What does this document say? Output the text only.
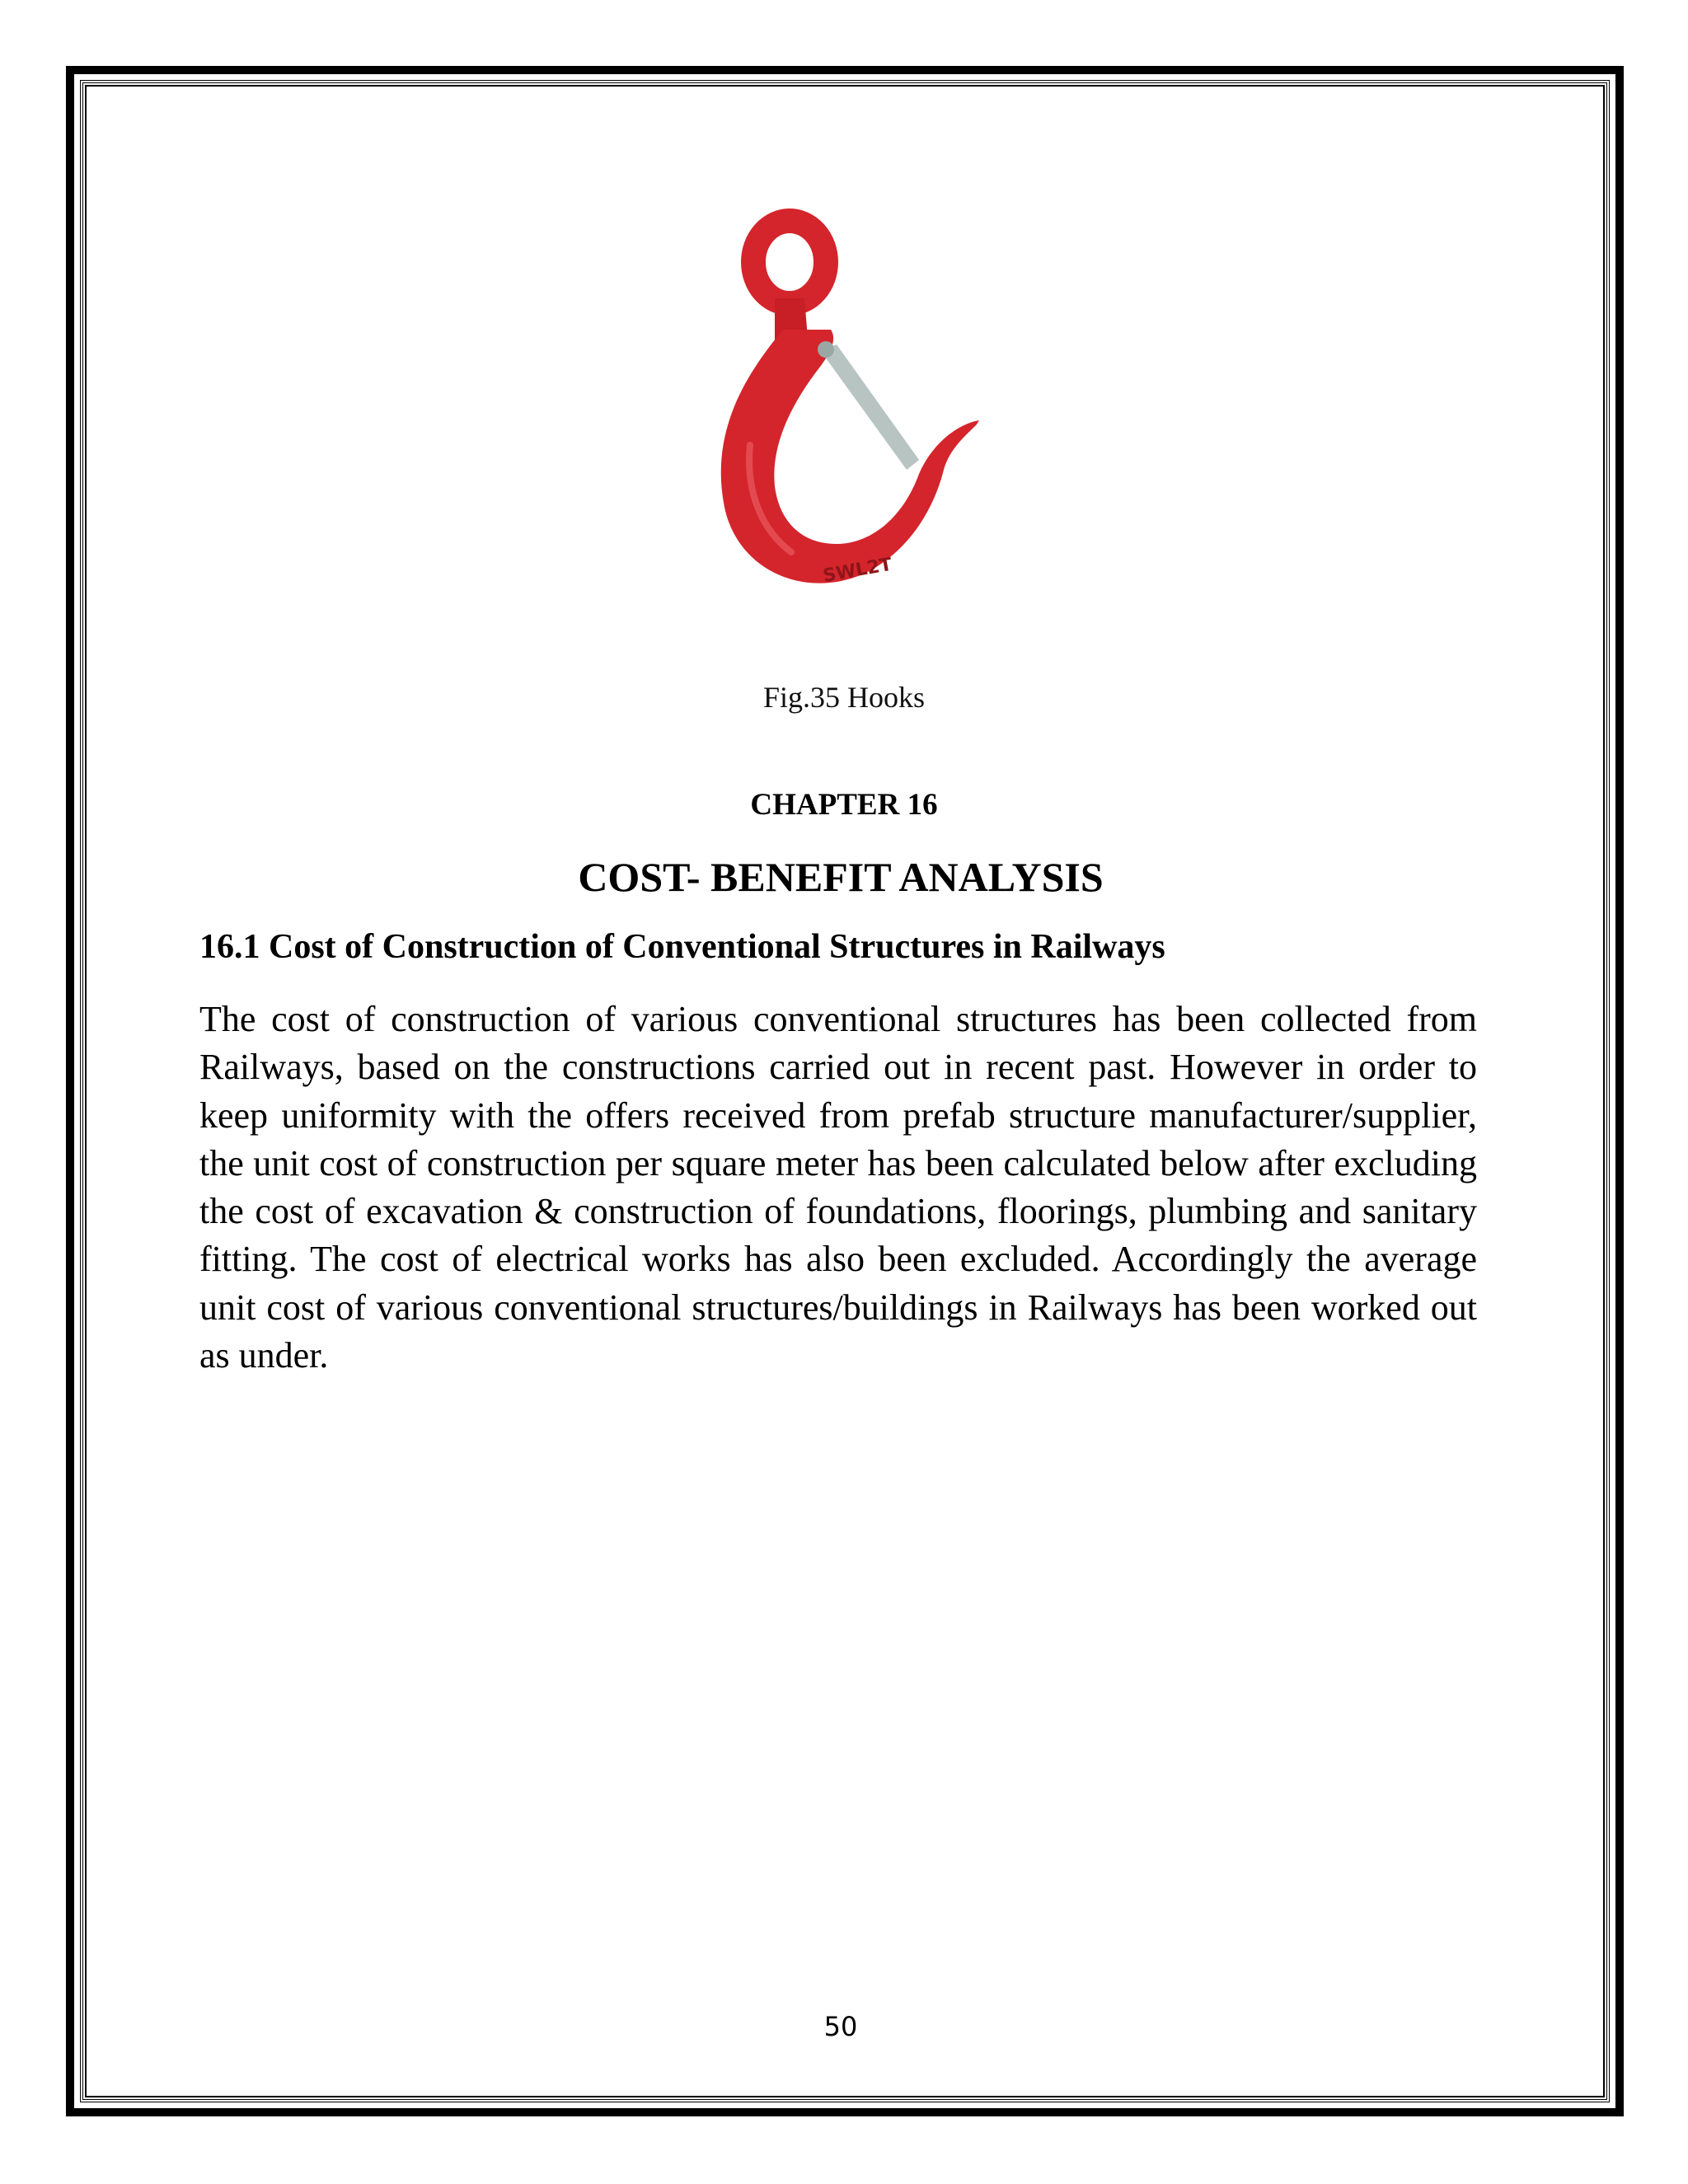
SWL2T
Fig.35 Hooks
CHAPTER 16
COST- BENEFIT ANALYSIS
16.1 Cost of Construction of Conventional Structures in Railways
The cost of construction of various conventional structures has been collected from Railways, based on the constructions carried out in recent past. However in order to keep uniformity with the offers received from prefab structure manufacturer/supplier, the unit cost of construction per square meter has been calculated below after excluding the cost of excavation & construction of foundations, floorings, plumbing and sanitary fitting. The cost of electrical works has also been excluded. Accordingly the average unit cost of various conventional structures/buildings in Railways has been worked out as under.
50
